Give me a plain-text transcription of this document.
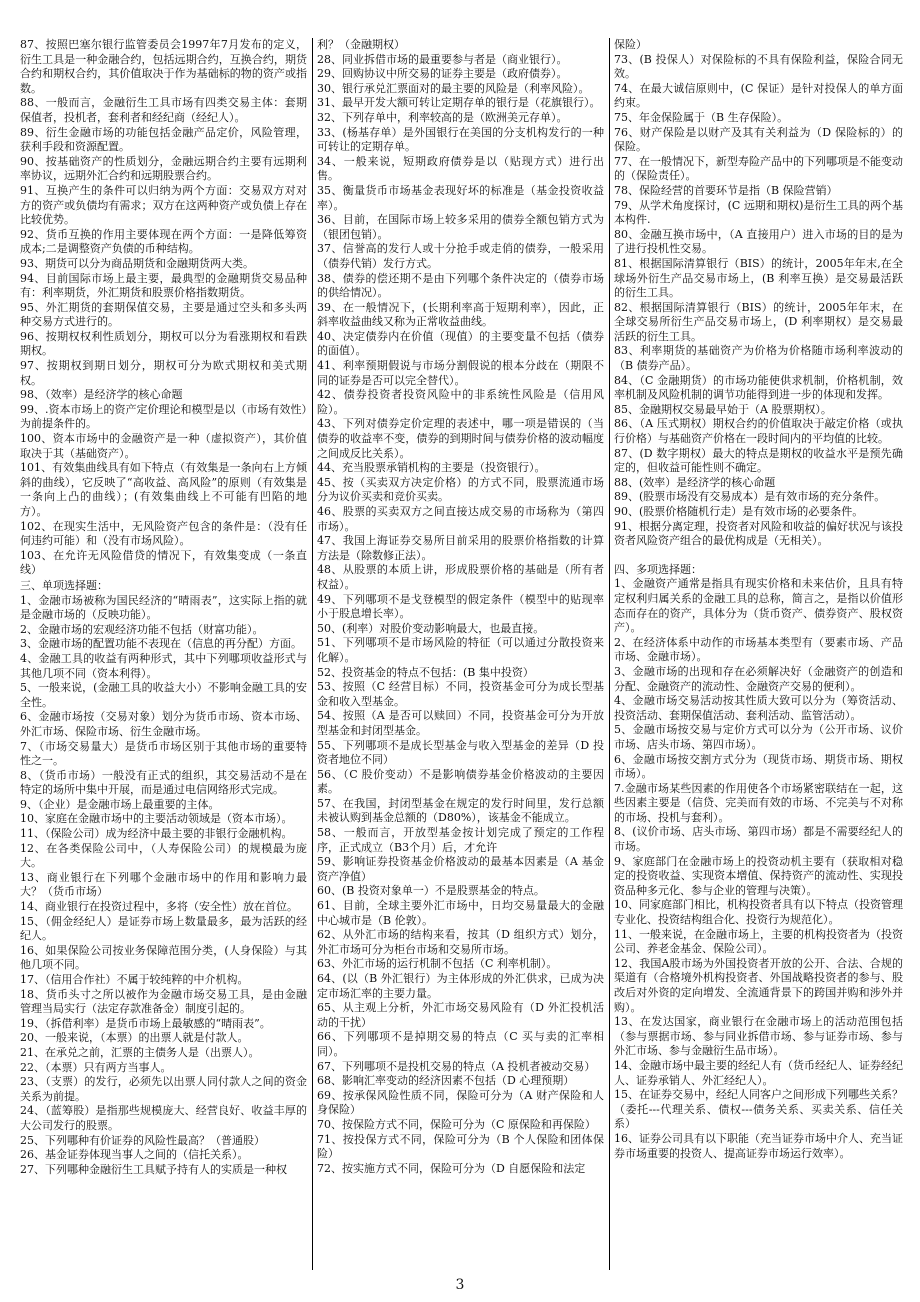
87、按照巴塞尔银行监管委员会1997年7月发布的定义，衍生工具是一种金融合约，包括远期合约，互换合约，期货合约和期权合约，其价值取决于作为基础标的物的资产或指数。

88、一般而言，金融衍生工具市场有四类交易主体：套期保值者，投机者，套利者和经纪商（经纪人）。

89、衍生金融市场的功能包括金融产品定价，风险管理，获利手段和资源配置。

90、按基础资产的性质划分，金融远期合约主要有远期利率协议，远期外汇合约和远期股票合约。

91、互换产生的条件可以归纳为两个方面：交易双方对对方的资产或负债均有需求；双方在这两种资产或负债上存在比较优势。

92、货币互换的作用主要体现在两个方面：一是降低筹资成本;二是调整资产负债的币种结构。

93、期货可以分为商品期货和金融期货两大类。

94、目前国际市场上最主要，最典型的金融期货交易品种有：利率期货，外汇期货和股票价格指数期货。

95、外汇期货的套期保值交易，主要是通过空头和多头两种交易方式进行的。

96、按期权权利性质划分，期权可以分为看涨期权和看跌期权。

97、按期权到期日划分，期权可分为欧式期权和美式期权。

98、（效率）是经济学的核心命题

99、.资本市场上的资产定价理论和模型是以（市场有效性）为前提条件的。

100、资本市场中的金融资产是一种（虚拟资产），其价值取决于其（基础资产）。

101、有效集曲线具有如下特点（有效集是一条向右上方倾斜的曲线），它反映了“高收益、高风险”的原则（有效集是一条向上凸的曲线）；(有效集曲线上不可能有凹陷的地方）。

102、在现实生活中，无风险资产包含的条件是：（没有任何违约可能）和（没有市场风险）。

103、在允许无风险借贷的情况下，有效集变成（一条直线）

三、单项选择题：

1、金融市场被称为国民经济的“晴雨表”，这实际上指的就是金融市场的（反映功能）。

2、金融市场的宏观经济功能不包括（财富功能）。

3、金融市场的配置功能不表现在（信息的再分配）方面。

4、金融工具的收益有两种形式，其中下列哪项收益形式与其他几项不同（资本利得）。

5、一般来说，(金融工具的收益大小）不影响金融工具的安全性。

6、金融市场按（交易对象）划分为货币市场、资本市场、外汇市场、保险市场、衍生金融市场。

7、（市场交易量大）是货币市场区别于其他市场的重要特性之一。

8、（货币市场）一般没有正式的组织，其交易活动不是在特定的场所中集中开展，而是通过电信网络形式完成。

9、（企业）是金融市场上最重要的主体。

10、家庭在金融市场中的主要活动领域是（资本市场）。

11、（保险公司）成为经济中最主要的非银行金融机构。

12、在各类保险公司中，（人寿保险公司）的规模最为庞大。

13、商业银行在下列哪个金融市场中的作用和影响力最大？（货币市场）

14、商业银行在投资过程中，多将（安全性）放在首位。

15、（佣金经纪人）是证券市场上数量最多，最为活跃的经纪人。

16、如果保险公司按业务保障范围分类，(人身保险）与其他几项不同。

17、（信用合作社）不属于较纯粹的中介机构。

18、货币头寸之所以被作为金融市场交易工具，是由金融管理当局实行（法定存款准备金）制度引起的。

19、（拆借利率）是货币市场上最敏感的“晴雨表”。

20、一般来说，（本票）的出票人就是付款人。

21、在承兑之前，汇票的主债务人是（出票人）。

22、（本票）只有两方当事人。

23、（支票）的发行，必须先以出票人同付款人之间的资金关系为前提。

24、（蓝筹股）是指那些规模庞大、经营良好、收益丰厚的大公司发行的股票。

25、下列哪种有价证券的风险性最高？（普通股）

26、基金证券体现当事人之间的（信托关系）。

27、下列哪种金融衍生工具赋予持有人的实质是一种权

利？（金融期权）

28、同业拆借市场的最重要参与者是（商业银行）。

29、回购协议中所交易的证券主要是（政府债券）。

30、银行承兑汇票面对的最主要的风险是（利率风险）。

31、最早开发大额可转让定期存单的银行是（花旗银行）。

32、下列存单中，利率较高的是（欧洲美元存单）。

33、(杨基存单）是外国银行在美国的分支机构发行的一种可转让的定期存单。

34、一般来说，短期政府债券是以（贴现方式）进行出售。

35、衡量货币市场基金表现好坏的标准是（基金投资收益率）。

36、目前，在国际市场上较多采用的债券全额包销方式为（银团包销）。

37、信誉高的发行人或十分抢手或走俏的债券，一般采用（债券代销）发行方式。

38、债券的偿还期不是由下列哪个条件决定的（债券市场的供给情况）。

39、在一般情况下，(长期利率高于短期利率），因此，正斜率收益曲线又称为正常收益曲线。

40、决定债券内在价值（现值）的主要变量不包括（债券的面值）。

41、利率预期假说与市场分割假说的根本分歧在（期限不同的证券是否可以完全替代）。

42、债券投资者投资风险中的非系统性风险是（信用风险）。

43、下列对债券定价定理的表述中，哪一项是错误的（当债券的收益率不变，债券的到期时间与债券价格的波动幅度之间成反比关系）。

44、充当股票承销机构的主要是（投资银行）。

45、按（买卖双方决定价格）的方式不同，股票流通市场分为议价买卖和竞价买卖。

46、股票的买卖双方之间直接达成交易的市场称为（第四市场）。

47、我国上海证券交易所目前采用的股票价格指数的计算方法是（除数修正法）。

48、从股票的本质上讲，形成股票价格的基础是（所有者权益）。

49、下列哪项不是戈登模型的假定条件（模型中的贴现率小于股息增长率）。

50、(利率）对股价变动影响最大，也最直接。

51、下列哪项不是市场风险的特征（可以通过分散投资来化解）。

52、投资基金的特点不包括：(B 集中投资）

53、按照（C 经营目标）不同，投资基金可分为成长型基金和收入型基金。

54、按照（A 是否可以赎回）不同，投资基金可分为开放型基金和封闭型基金。

55、下列哪项不是成长型基金与收入型基金的差异（D 投资者地位不同）

56、（C 股价变动）不是影响债券基金价格波动的主要因素。

57、在我国，封闭型基金在规定的发行时间里，发行总额未被认购到基金总额的（D80%），该基金不能成立。

58、一般而言，开放型基金按计划完成了预定的工作程序，正式成立（B3个月）后，才允许

59、影响证券投资基金价格波动的最基本因素是（A 基金资产净值）

60、(B 投资对象单一）不是股票基金的特点。

61、目前，全球主要外汇市场中，日均交易量最大的金融中心城市是（B 伦敦）。

62、从外汇市场的结构来看，按其（D 组织方式）划分，外汇市场可分为柜台市场和交易所市场。

63、外汇市场的运行机制不包括（C 利率机制）。

64、(以（B 外汇银行）为主体形成的外汇供求，已成为决定市场汇率的主要力量。

65、从主观上分析，外汇市场交易风险有（D 外汇投机活动的干扰）

66、下列哪项不是掉期交易的特点（C 买与卖的汇率相同）。

67、下列哪项不是投机交易的特点（A 投机者被动交易）

68、影响汇率变动的经济因素不包括（D 心理预期）

69、按承保风险性质不同，保险可分为（A 财产保险和人身保险）

70、按保险方式不同，保险可分为（C 原保险和再保险）

71、按投保方式不同，保险可分为（B 个人保险和团体保险）

72、按实施方式不同，保险可分为（D 自愿保险和法定

保险）

73、(B 投保人）对保险标的不具有保险利益，保险合同无效。

74、在最大诚信原则中，(C 保证）是针对投保人的单方面约束。

75、年金保险属于（B 生存保险）。

76、财产保险是以财产及其有关利益为（D 保险标的）的保险。

77、在一般情况下，新型寿险产品中的下列哪项是不能变动的（保险责任）。

78、保险经营的首要环节是指（B 保险营销）

79、从学术角度探讨，(C 远期和期权)是衍生工具的两个基本构件.

80、金融互换市场中，（A 直接用户）进入市场的目的是为了进行投机性交易。

81、根据国际清算银行（BIS）的统计，2005年年末,在全球场外衍生产品交易市场上，(B 利率互换）是交易最活跃的衍生工具。

82、根据国际清算银行（BIS）的统计，2005年年末，在全球交易所衍生产品交易市场上，(D 利率期权）是交易最活跃的衍生工具。

83、利率期货的基础资产为价格为价格随市场利率波动的（B 债券产品）。

84、（C 金融期货）的市场功能使供求机制，价格机制，效率机制及风险机制的调节功能得到进一步的体现和发挥。

85、金融期权交易最早始于（A 股票期权）。

86、（A 压式期权）期权合约的价值取决于敲定价格（或执行价格）与基础资产价格在一段时间内的平均值的比较。

87、(D 数字期权）最大的特点是期权的收益水平是预先确定的，但收益可能性则不确定。

88、(效率）是经济学的核心命题

89、(股票市场没有交易成本）是有效市场的充分条件。

90、(股票价格随机行走）是有效市场的必要条件。

91、根据分离定理，投资者对风险和收益的偏好状况与该投资者风险资产组合的最优构成是（无相关）。

四、多项选择题：

1、金融资产通常是指具有现实价格和未来估价，且具有特定权利归属关系的金融工具的总称，简言之，是指以价值形态而存在的资产，具体分为（货币资产、债券资产、股权资产）。

2、在经济体系中动作的市场基本类型有（要素市场、产品市场、金融市场）。

3、金融市场的出现和存在必须解决好（金融资产的创造和分配、金融资产的流动性、金融资产交易的便利）。

4、金融市场交易活动按其性质大致可以分为（筹资活动、投资活动、套期保值活动、套利活动、监管活动）。

5、金融市场按交易与定价方式可以分为（公开市场、议价市场、店头市场、第四市场）。

6、金融市场按交割方式分为（现货市场、期货市场、期权市场）。

7.金融市场某些因素的作用使各个市场紧密联结在一起，这些因素主要是（信贷、完美而有效的市场、不完美与不对称的市场、投机与套利）。

8、(议价市场、店头市场、第四市场）都是不需要经纪人的市场。

9、家庭部门在金融市场上的投资动机主要有（获取相对稳定的投资收益、实现资本增值、保持资产的流动性、实现投资品种多元化、参与企业的管理与决策）。

10、同家庭部门相比，机构投资者具有以下特点（投资管理专业化、投资结构组合化、投资行为规范化）。

11、一般来说，在金融市场上，主要的机构投资者为（投资公司、养老金基金、保险公司）。

12、我国A股市场为外国投资者开放的公开、合法、合规的渠道有（合格境外机构投资者、外国战略投资者的参与、股改后对外资的定向增发、全流通背景下的跨国并购和涉外并购）。

13、在发达国家，商业银行在金融市场上的活动范围包括（参与票据市场、参与同业拆借市场、参与证券市场、参与外汇市场、参与金融衍生品市场）。

14、金融市场中最主要的经纪人有（货币经纪人、证券经纪人、证券承销人、外汇经纪人）。

15、在证券交易中，经纪人同客户之间形成下列哪些关系？（委托---代理关系、债权---债务关系、买卖关系、信任关系）

16、证券公司具有以下职能（充当证券市场中介人、充当证券市场重要的投资人、提高证券市场运行效率）。

3
